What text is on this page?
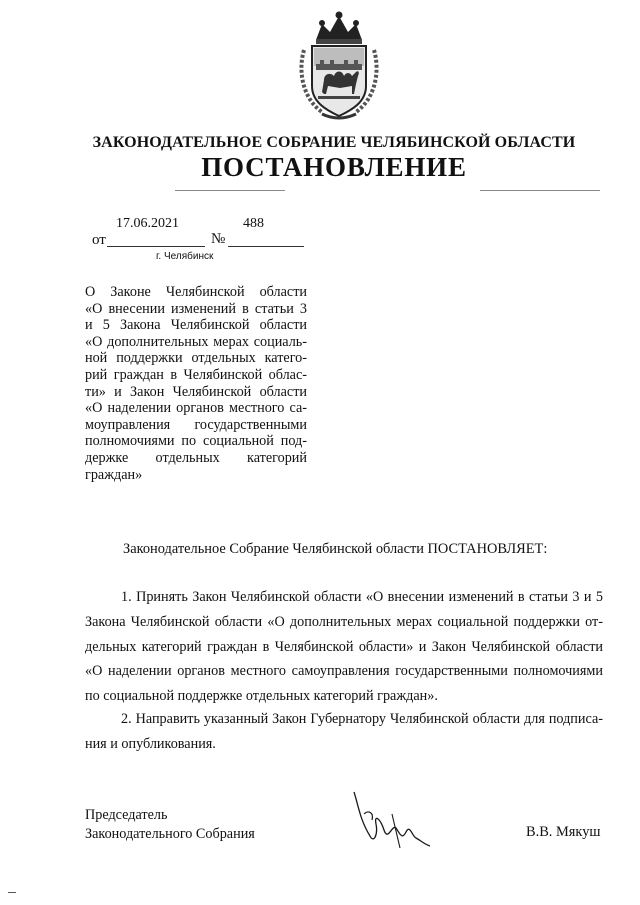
ЗАКОНОДАТЕЛЬНОЕ СОБРАНИЕ ЧЕЛЯБИНСКОЙ ОБЛАСТИ
ПОСТАНОВЛЕНИЕ
17.06.2021	488
от	№
г. Челябинск
О Законе Челябинской области
«О внесении изменений в статьи 3
и 5 Закона Челябинской области
«О дополнительных мерах социаль-
ной поддержки отдельных катего-
рий граждан в Челябинской облас-
ти» и Закон Челябинской области
«О наделении органов местного са-
моуправления государственными
полномочиями по социальной под-
держке отдельных категорий
граждан»
Законодательное Собрание Челябинской области ПОСТАНОВЛЯЕТ:
1. Принять Закон Челябинской области «О внесении изменений в статьи 3 и 5
Закона Челябинской области «О дополнительных мерах социальной поддержки от-
дельных категорий граждан в Челябинской области» и Закон Челябинской области
«О наделении органов местного самоуправления государственными полномочиями
по социальной поддержке отдельных категорий граждан».
2. Направить указанный Закон Губернатору Челябинской области для подписа-
ния и опубликования.
Председатель
Законодательного Собрания	В.В. Мякуш
